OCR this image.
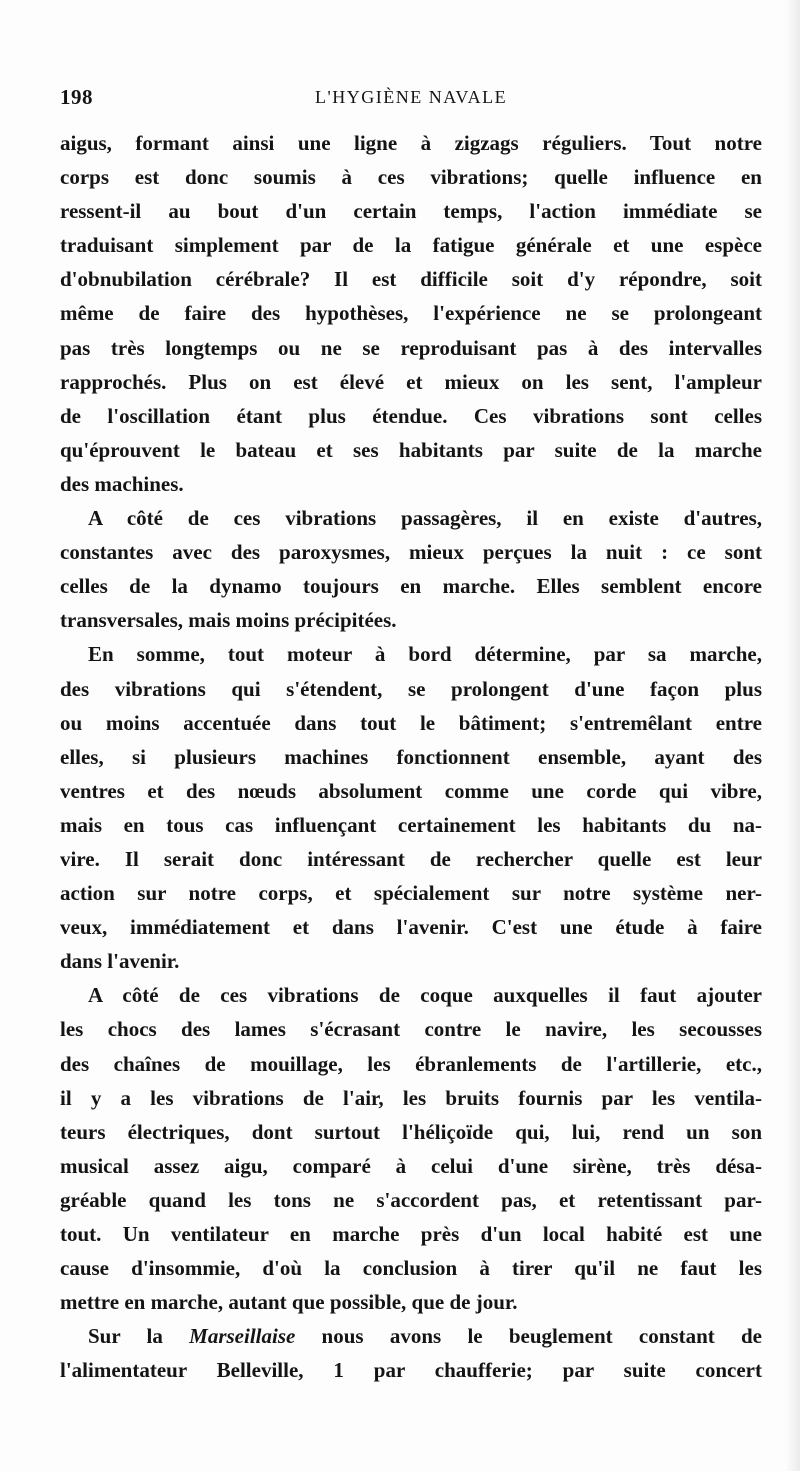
198	L'HYGIÈNE NAVALE
aigus, formant ainsi une ligne à zigzags réguliers. Tout notre
corps est donc soumis à ces vibrations; quelle influence en
ressent-il au bout d'un certain temps, l'action immédiate se
traduisant simplement par de la fatigue générale et une espèce
d'obnubilation cérébrale? Il est difficile soit d'y répondre, soit
même de faire des hypothèses, l'expérience ne se prolongeant
pas très longtemps ou ne se reproduisant pas à des intervalles
rapprochés. Plus on est élevé et mieux on les sent, l'ampleur
de l'oscillation étant plus étendue. Ces vibrations sont celles
qu'éprouvent le bateau et ses habitants par suite de la marche
des machines.
A côté de ces vibrations passagères, il en existe d'autres,
constantes avec des paroxysmes, mieux perçues la nuit : ce sont
celles de la dynamo toujours en marche. Elles semblent encore
transversales, mais moins précipitées.
En somme, tout moteur à bord détermine, par sa marche,
des vibrations qui s'étendent, se prolongent d'une façon plus
ou moins accentuée dans tout le bâtiment; s'entremêlant entre
elles, si plusieurs machines fonctionnent ensemble, ayant des
ventres et des nœuds absolument comme une corde qui vibre,
mais en tous cas influençant certainement les habitants du na-
vire. Il serait donc intéressant de rechercher quelle est leur
action sur notre corps, et spécialement sur notre système ner-
veux, immédiatement et dans l'avenir. C'est une étude à faire
dans l'avenir.
A côté de ces vibrations de coque auxquelles il faut ajouter
les chocs des lames s'écrasant contre le navire, les secousses
des chaînes de mouillage, les ébranlements de l'artillerie, etc.,
il y a les vibrations de l'air, les bruits fournis par les ventila-
teurs électriques, dont surtout l'héliçoïde qui, lui, rend un son
musical assez aigu, comparé à celui d'une sirène, très désa-
gréable quand les tons ne s'accordent pas, et retentissant par-
tout. Un ventilateur en marche près d'un local habité est une
cause d'insommie, d'où la conclusion à tirer qu'il ne faut les
mettre en marche, autant que possible, que de jour.
Sur la Marseillaise nous avons le beuglement constant de
l'alimentateur Belleville, 1 par chaufferie; par suite concert
